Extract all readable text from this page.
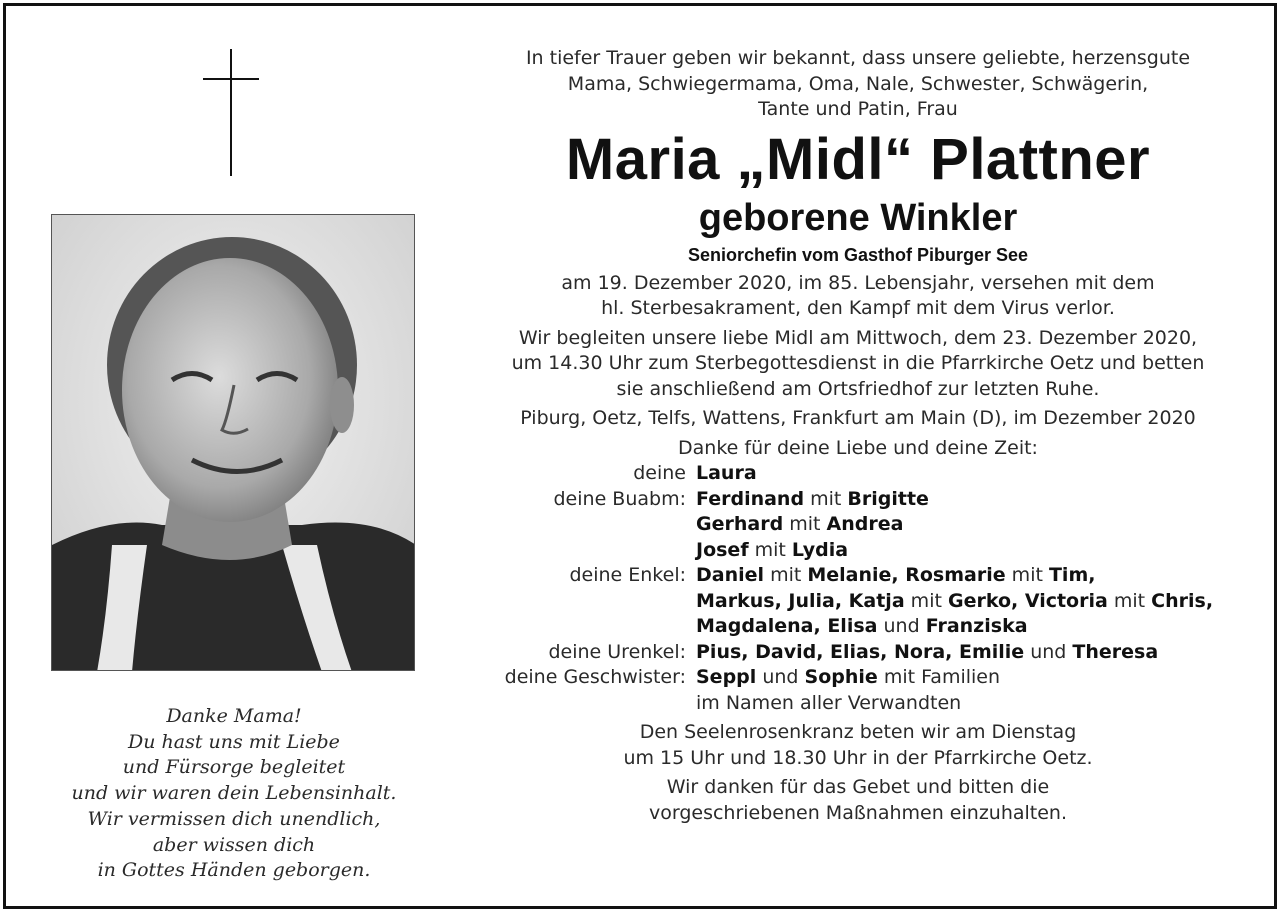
Danke Mama!
Du hast uns mit Liebe
und Fürsorge begleitet
und wir waren dein Lebensinhalt.
Wir vermissen dich unendlich,
aber wissen dich
in Gottes Händen geborgen.
In tiefer Trauer geben wir bekannt, dass unsere geliebte, herzensgute
Mama, Schwiegermama, Oma, Nale, Schwester, Schwägerin,
Tante und Patin, Frau
Maria „Midl“ Plattner
geborene Winkler
Seniorchefin vom Gasthof Piburger See
am 19. Dezember 2020, im 85. Lebensjahr, versehen mit dem
hl. Sterbesakrament, den Kampf mit dem Virus verlor.
Wir begleiten unsere liebe Midl am Mittwoch, dem 23. Dezember 2020,
um 14.30 Uhr zum Sterbegottesdienst in die Pfarrkirche Oetz und betten
sie anschließend am Ortsfriedhof zur letzten Ruhe.
Piburg, Oetz, Telfs, Wattens, Frankfurt am Main (D), im Dezember 2020
Danke für deine Liebe und deine Zeit:
deine Laura
deine Buabm: Ferdinand mit Brigitte
Gerhard mit Andrea
Josef mit Lydia
deine Enkel: Daniel mit Melanie, Rosmarie mit Tim,
Markus, Julia, Katja mit Gerko, Victoria mit Chris,
Magdalena, Elisa und Franziska
deine Urenkel: Pius, David, Elias, Nora, Emilie und Theresa
deine Geschwister: Seppl und Sophie mit Familien
im Namen aller Verwandten
Den Seelenrosenkranz beten wir am Dienstag
um 15 Uhr und 18.30 Uhr in der Pfarrkirche Oetz.
Wir danken für das Gebet und bitten die
vorgeschriebenen Maßnahmen einzuhalten.
